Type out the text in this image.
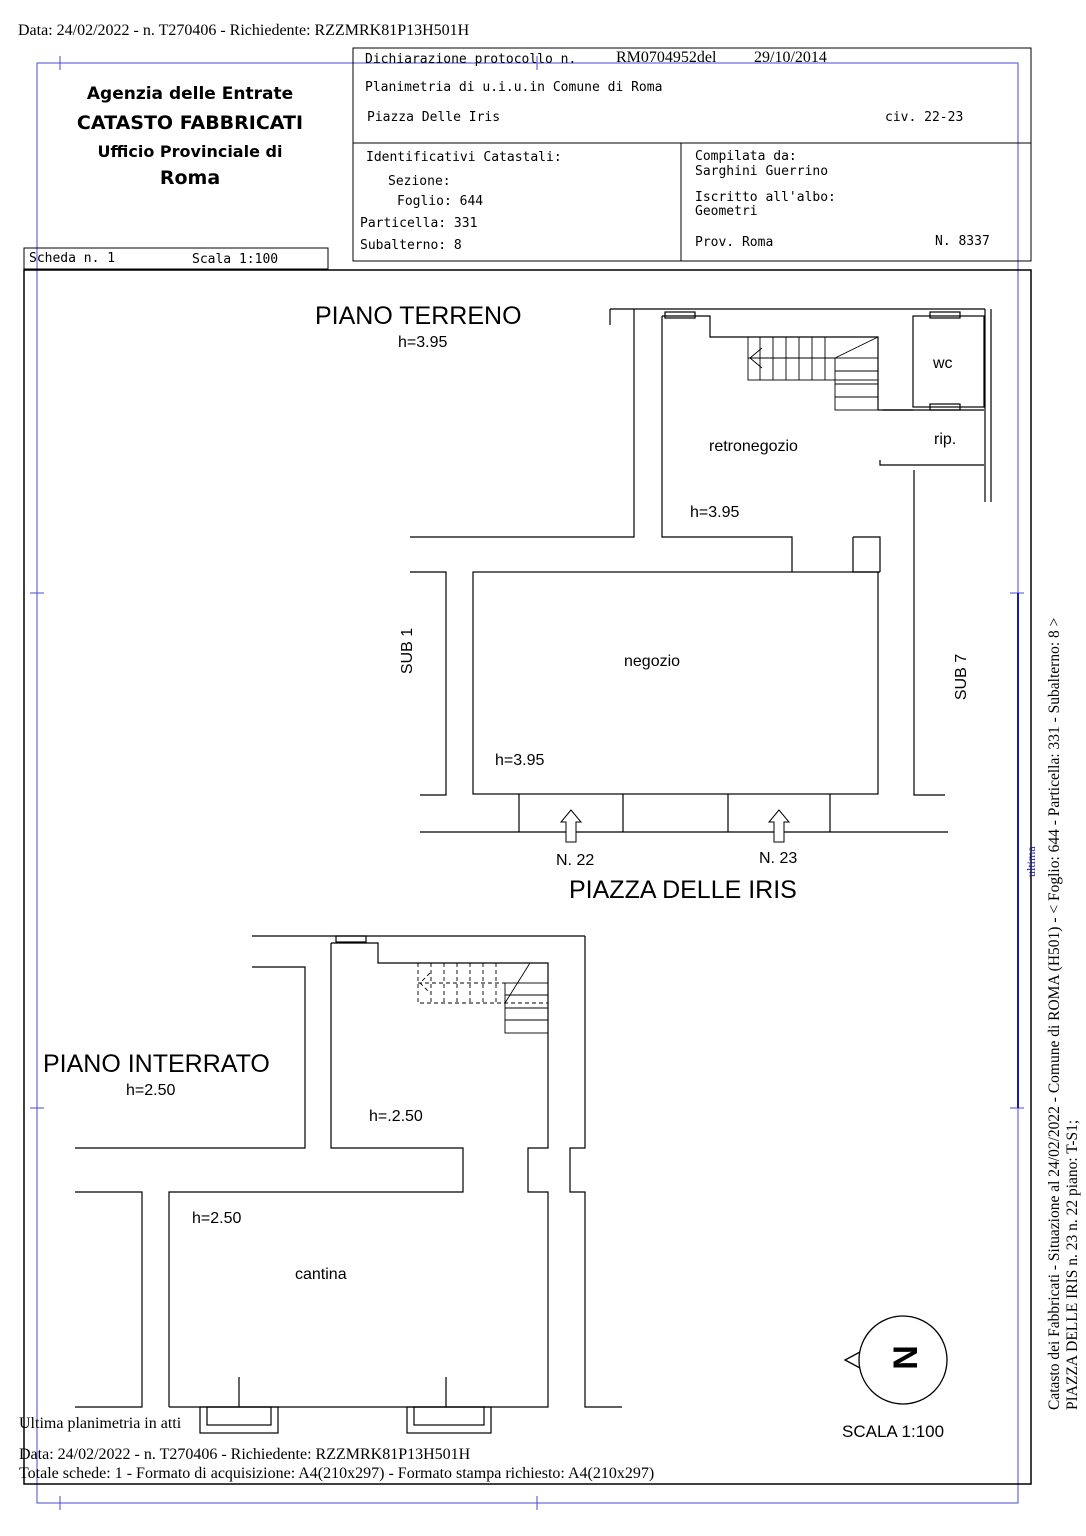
Data: 24/02/2022 - n. T270406 - Richiedente: RZZMRK81P13H501H
Agenzia delle Entrate
CATASTO FABBRICATI
Ufficio Provinciale di
Roma
Scheda n. 1	Scala 1:100
Dichiarazione protocollo n. RM0704952del 29/10/2014
Planimetria di u.i.u.in Comune di Roma
Piazza Delle Iris	civ. 22-23
Identificativi Catastali:
Sezione:
Foglio: 644
Particella: 331
Subalterno: 8
Compilata da:
Sarghini Guerrino
Iscritto all'albo:
Geometri
Prov. Roma	N. 8337
PIANO TERRENO
h=3.95
wc
rip.
retronegozio
h=3.95
SUB 1
SUB 7
negozio
h=3.95
N. 22	N. 23
PIAZZA DELLE IRIS
PIANO INTERRATO
h=2.50
h=.2.50
h=2.50
cantina
N
SCALA 1:100
Catasto dei Fabbricati - Situazione al 24/02/2022 - Comune di ROMA (H501) - < Foglio: 644 - Particella: 331 - Subalterno: 8 > PIAZZA DELLE IRIS n. 23 n. 22 piano: T-S1;
ultima
Ultima planimetria in atti
Data: 24/02/2022 - n. T270406 - Richiedente: RZZMRK81P13H501H
Totale schede: 1 - Formato di acquisizione: A4(210x297) - Formato stampa richiesto: A4(210x297)
